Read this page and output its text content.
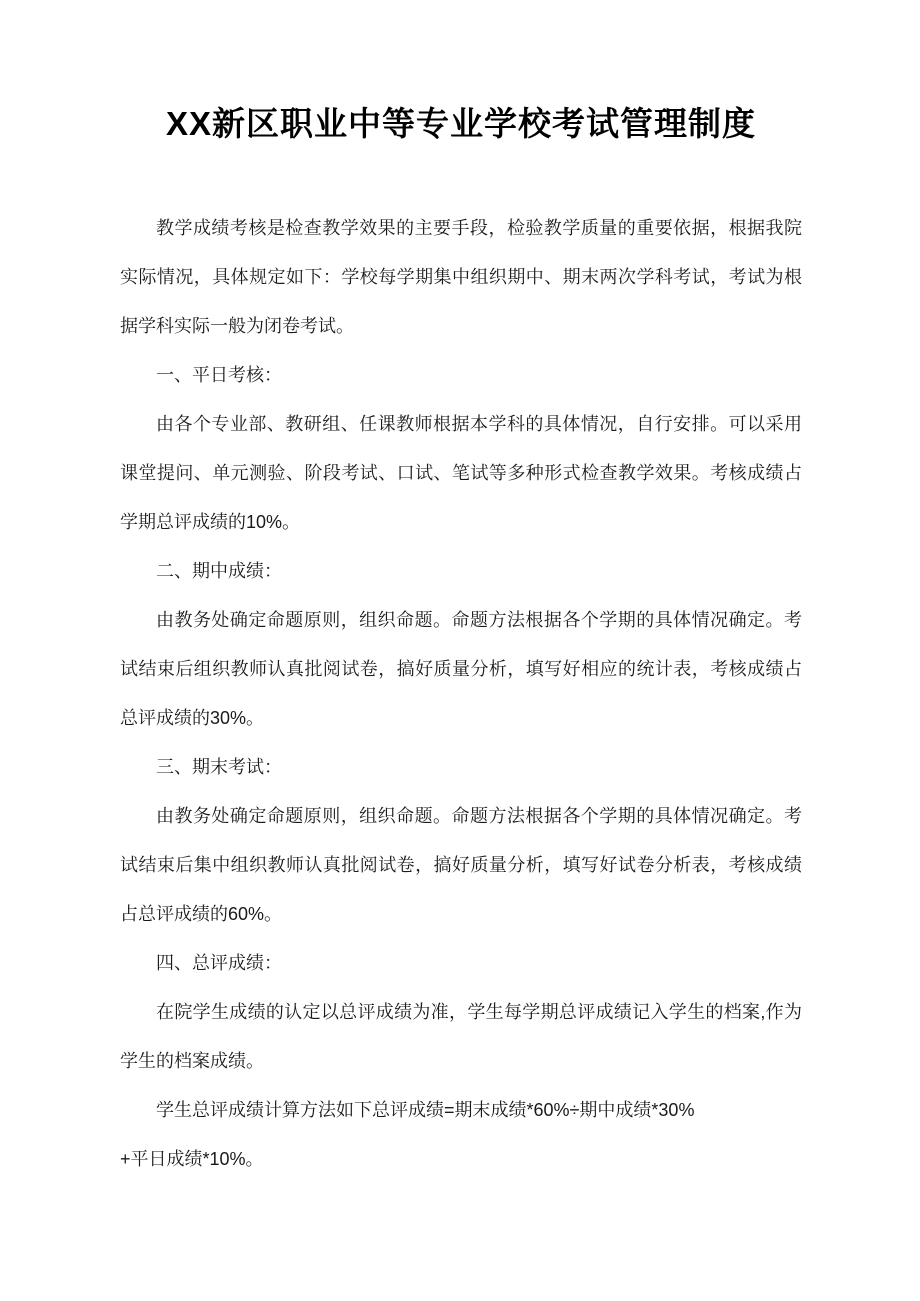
XX新区职业中等专业学校考试管理制度

教学成绩考核是检查教学效果的主要手段，检验教学质量的重要依据，根据我院实际情况，具体规定如下：学校每学期集中组织期中、期末两次学科考试，考试为根据学科实际一般为闭卷考试。

一、平日考核：

由各个专业部、教研组、任课教师根据本学科的具体情况，自行安排。可以采用课堂提问、单元测验、阶段考试、口试、笔试等多种形式检查教学效果。考核成绩占学期总评成绩的10%。

二、期中成绩：

由教务处确定命题原则，组织命题。命题方法根据各个学期的具体情况确定。考试结束后组织教师认真批阅试卷，搞好质量分析，填写好相应的统计表，考核成绩占总评成绩的30%。

三、期末考试：

由教务处确定命题原则，组织命题。命题方法根据各个学期的具体情况确定。考试结束后集中组织教师认真批阅试卷，搞好质量分析，填写好试卷分析表，考核成绩占总评成绩的60%。

四、总评成绩：

在院学生成绩的认定以总评成绩为准，学生每学期总评成绩记入学生的档案,作为学生的档案成绩。

学生总评成绩计算方法如下总评成绩=期末成绩*60%÷期中成绩*30%

+平日成绩*10%。
